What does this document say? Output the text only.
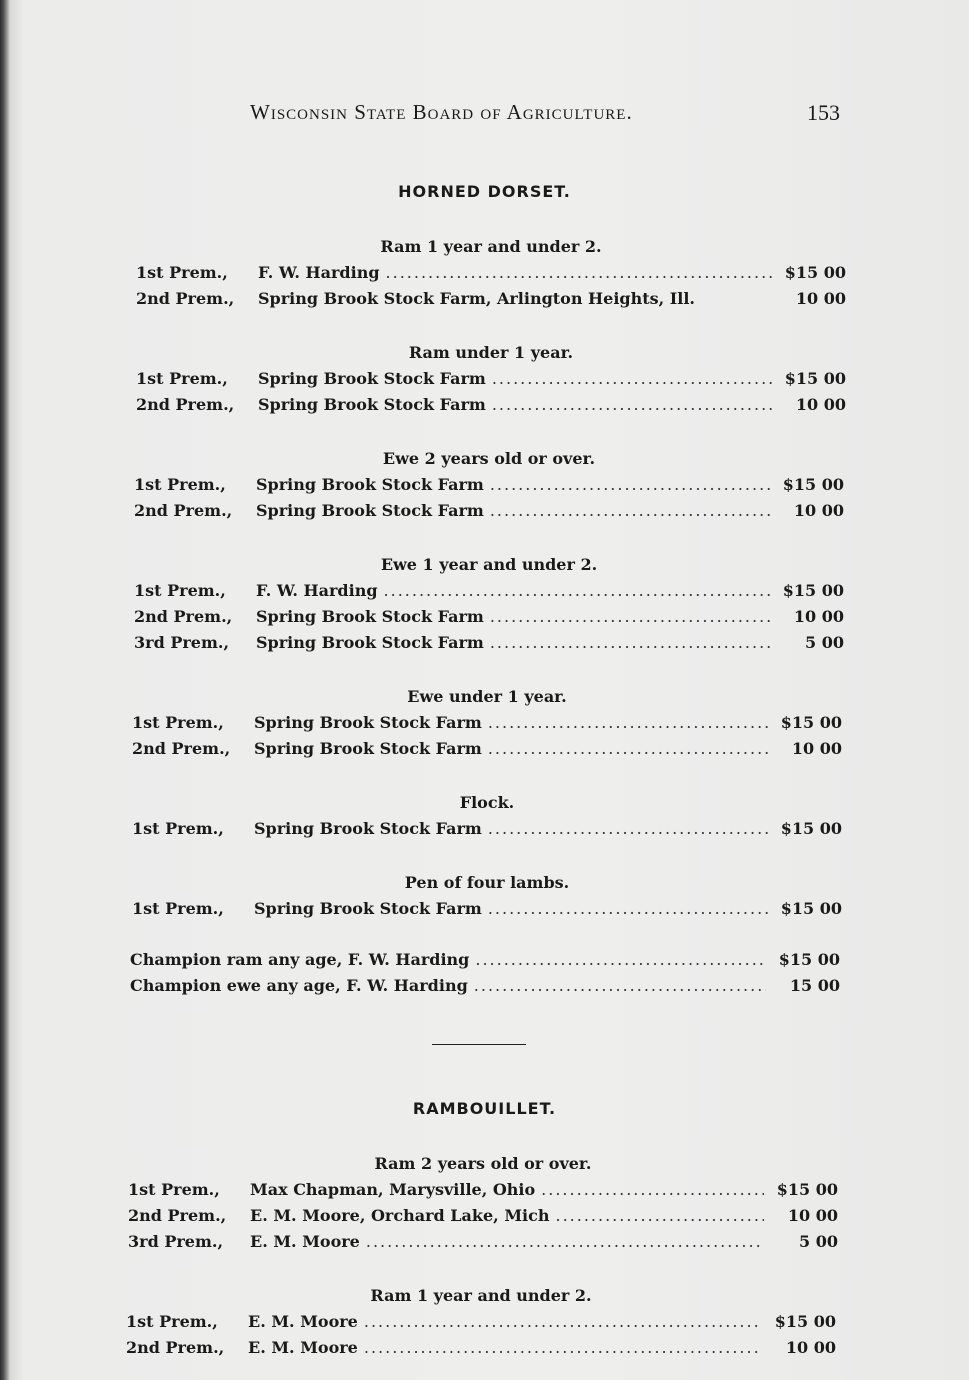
Wisconsin State Board of Agriculture.	153
HORNED DORSET.
Ram 1 year and under 2.
1st Prem.,	F. W. Harding .....	$15 00
2nd Prem.,	Spring Brook Stock Farm, Arlington Heights, Ill.	10 00
Ram under 1 year.
1st Prem.,	Spring Brook Stock Farm .....	$15 00
2nd Prem.,	Spring Brook Stock Farm .....	10 00
Ewe 2 years old or over.
1st Prem.,	Spring Brook Stock Farm .....	$15 00
2nd Prem.,	Spring Brook Stock Farm .....	10 00
Ewe 1 year and under 2.
1st Prem.,	F. W. Harding .....	$15 00
2nd Prem.,	Spring Brook Stock Farm .....	10 00
3rd Prem.,	Spring Brook Stock Farm .....	5 00
Ewe under 1 year.
1st Prem.,	Spring Brook Stock Farm .....	$15 00
2nd Prem.,	Spring Brook Stock Farm .....	10 00
Flock.
1st Prem.,	Spring Brook Stock Farm .....	$15 00
Pen of four lambs.
1st Prem.,	Spring Brook Stock Farm .....	$15 00
Champion ram any age, F. W. Harding .....	$15 00
Champion ewe any age, F. W. Harding .....	15 00
RAMBOUILLET.
Ram 2 years old or over.
1st Prem.,	Max Chapman, Marysville, Ohio .....	$15 00
2nd Prem.,	E. M. Moore, Orchard Lake, Mich .....	10 00
3rd Prem.,	E. M. Moore .....	5 00
Ram 1 year and under 2.
1st Prem.,	E. M. Moore .....	$15 00
2nd Prem.,	E. M. Moore .....	10 00
